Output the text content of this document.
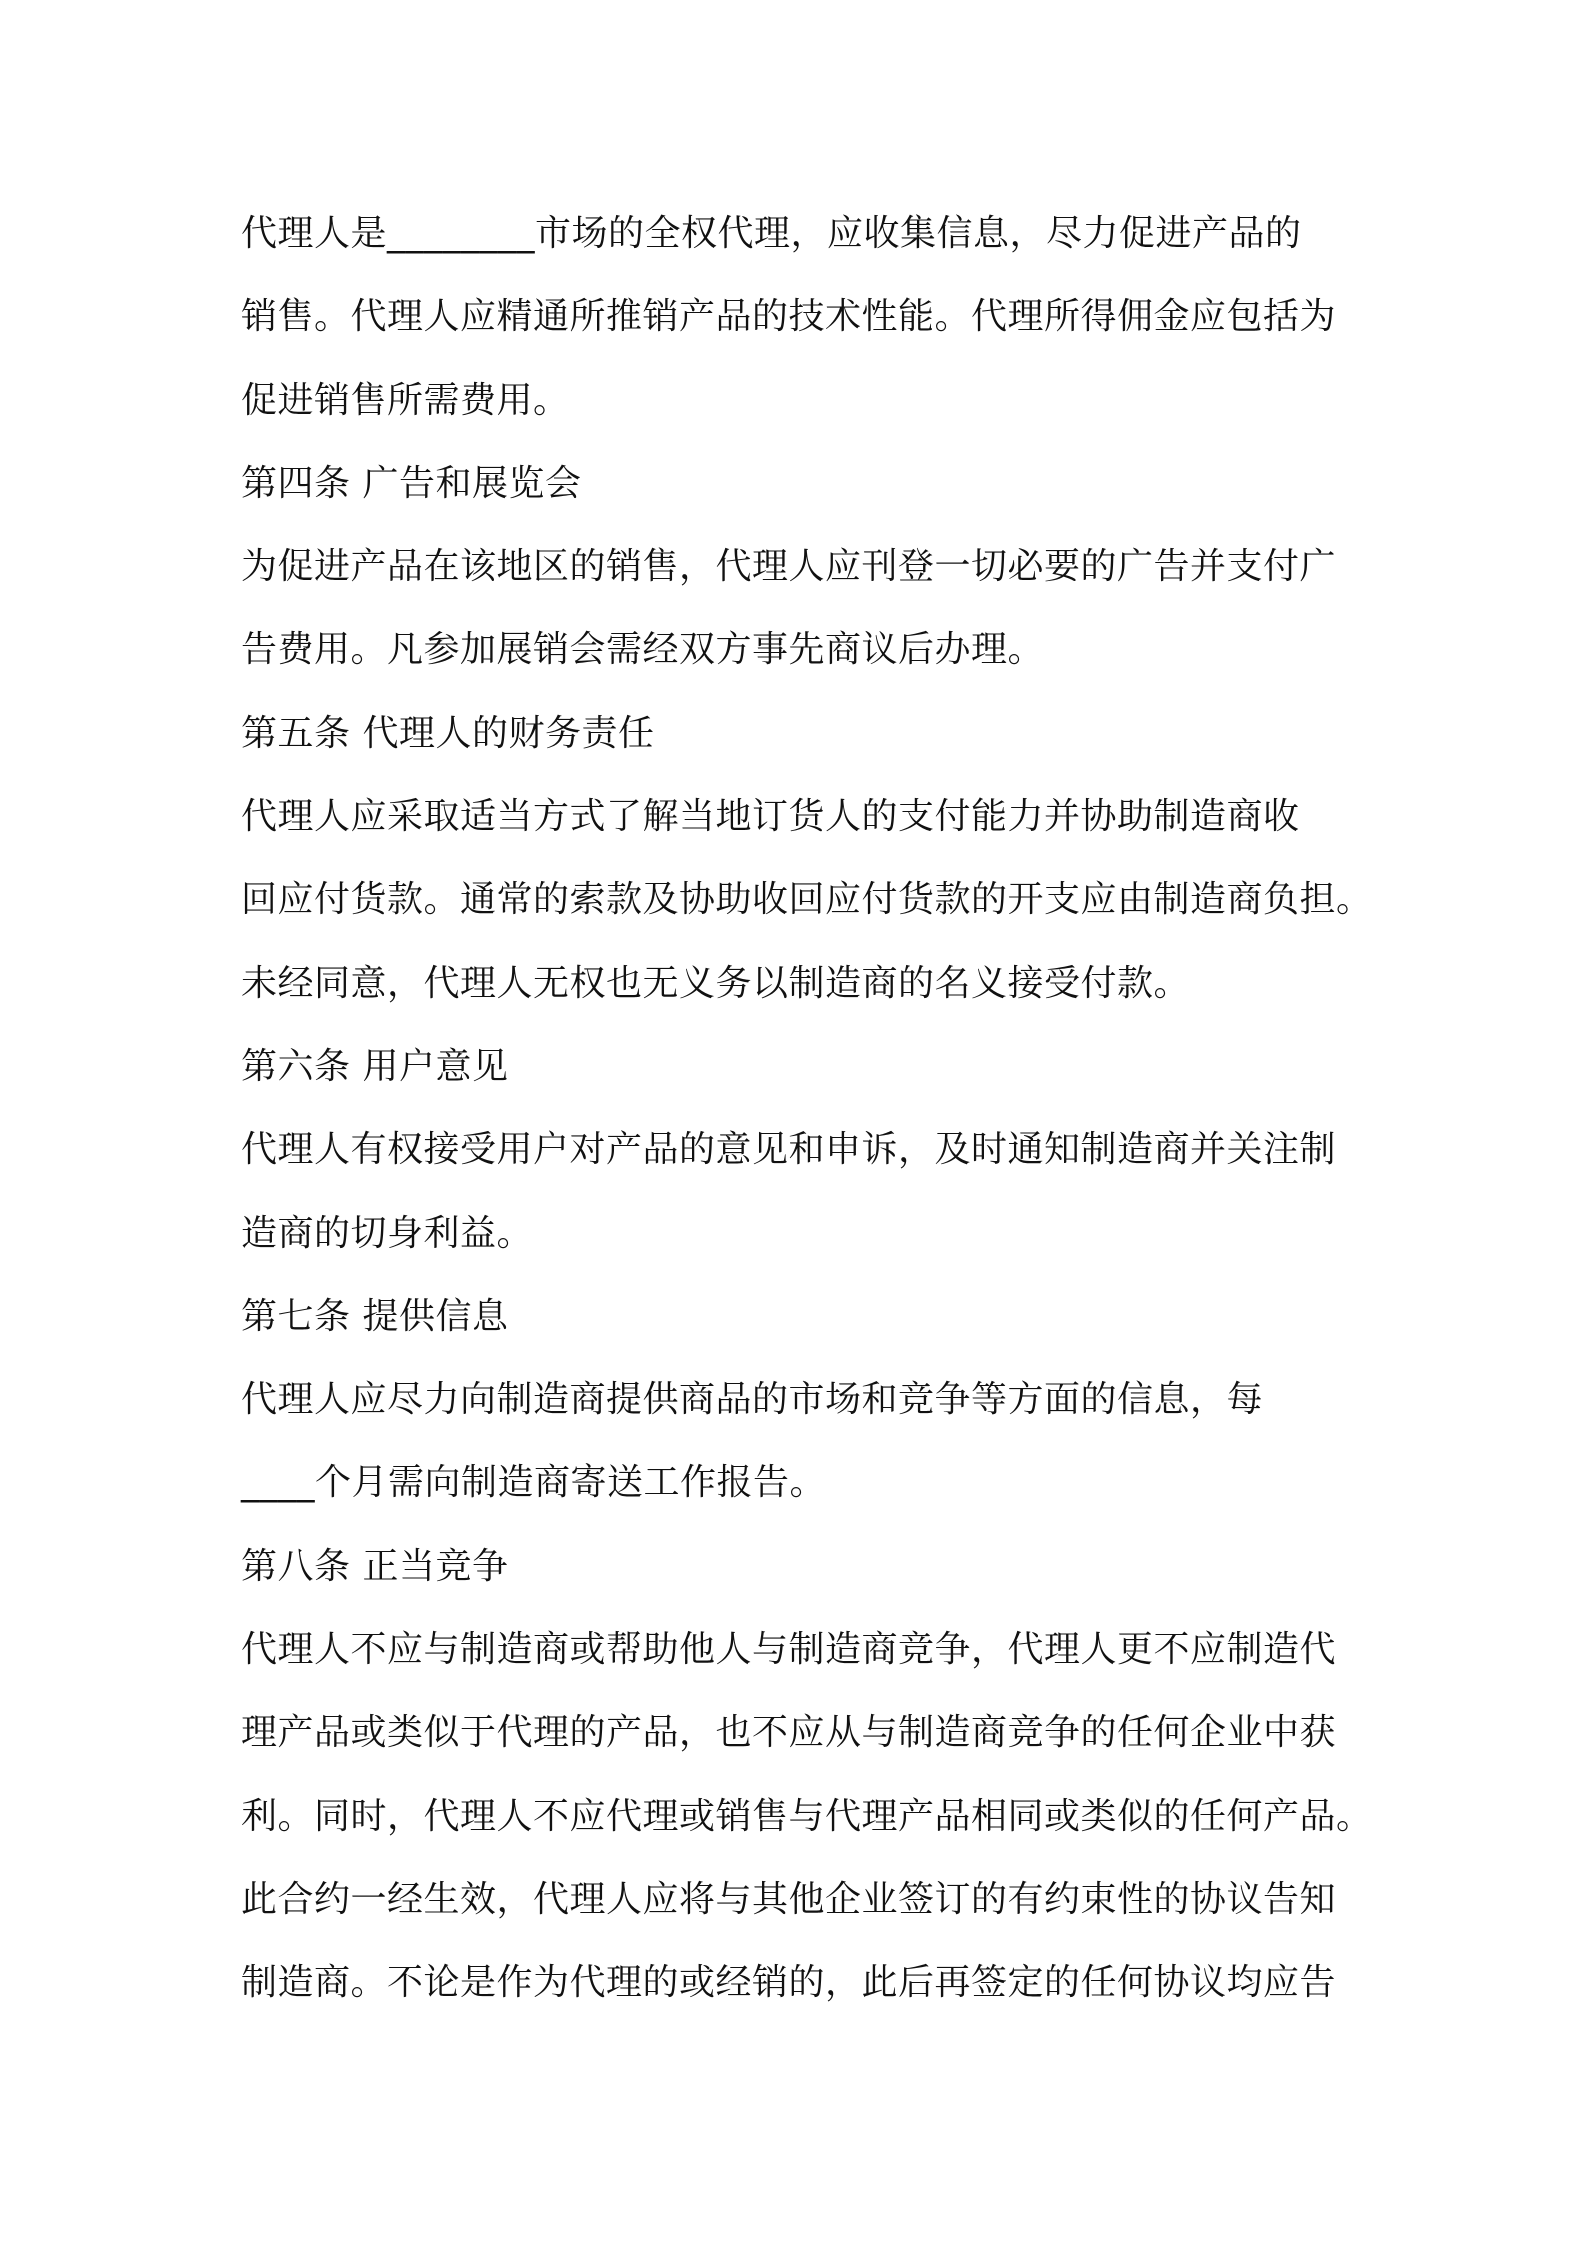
代理人是________市场的全权代理，应收集信息，尽力促进产品的
销售。代理人应精通所推销产品的技术性能。代理所得佣金应包括为
促进销售所需费用。
第四条 广告和展览会
为促进产品在该地区的销售，代理人应刊登一切必要的广告并支付广
告费用。凡参加展销会需经双方事先商议后办理。
第五条 代理人的财务责任
代理人应采取适当方式了解当地订货人的支付能力并协助制造商收
回应付货款。通常的索款及协助收回应付货款的开支应由制造商负担。
未经同意，代理人无权也无义务以制造商的名义接受付款。
第六条 用户意见
代理人有权接受用户对产品的意见和申诉，及时通知制造商并关注制
造商的切身利益。
第七条 提供信息
代理人应尽力向制造商提供商品的市场和竞争等方面的信息，每
____个月需向制造商寄送工作报告。
第八条 正当竞争
代理人不应与制造商或帮助他人与制造商竞争，代理人更不应制造代
理产品或类似于代理的产品，也不应从与制造商竞争的任何企业中获
利。同时，代理人不应代理或销售与代理产品相同或类似的任何产品。
此合约一经生效，代理人应将与其他企业签订的有约束性的协议告知
制造商。不论是作为代理的或经销的，此后再签定的任何协议均应告
